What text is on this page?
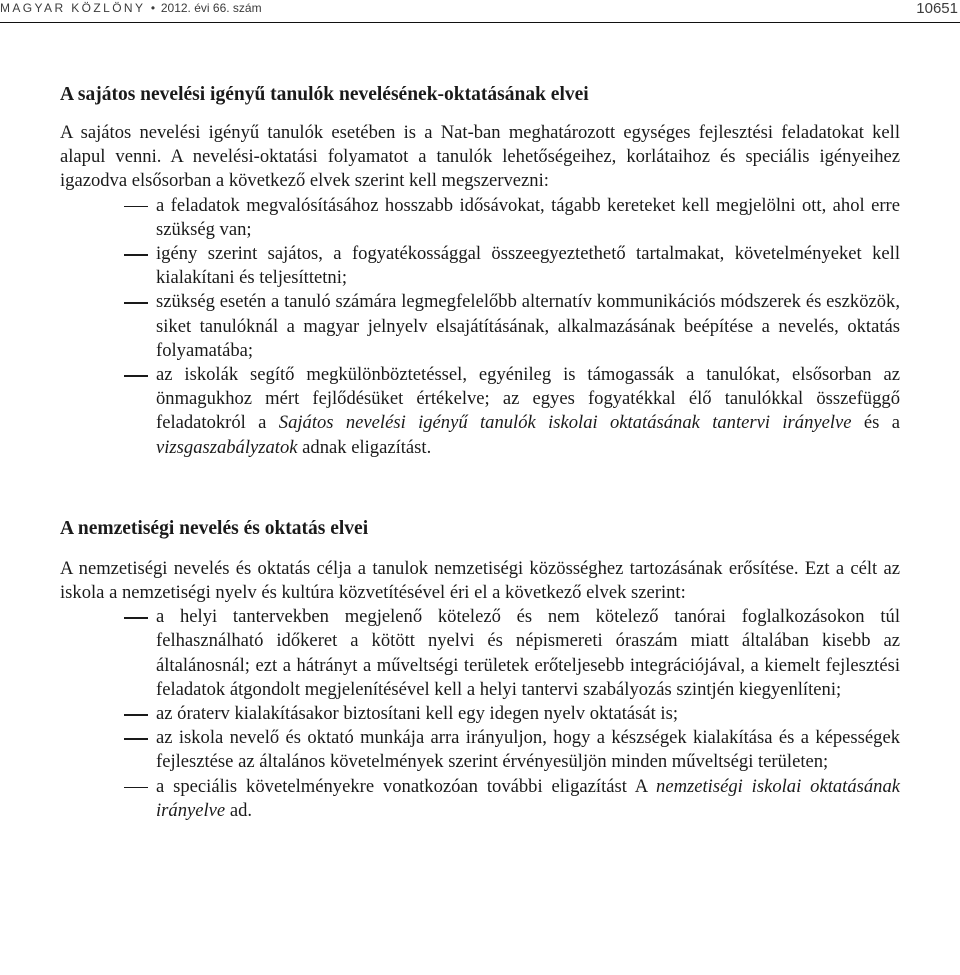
MAGYAR KÖZLÖNY • 2012. évi 66. szám	10651
A sajátos nevelési igényű tanulók nevelésének-oktatásának elvei

A sajátos nevelési igényű tanulók esetében is a Nat-ban meghatározott egységes fejlesztési feladatokat kell alapul venni. A nevelési-oktatási folyamatot a tanulók lehetőségeihez, korlátaihoz és speciális igényeihez igazodva elsősorban a következő elvek szerint kell megszervezni:

a feladatok megvalósításához hosszabb idősávokat, tágabb kereteket kell megjelölni ott, ahol erre szükség van;
igény szerint sajátos, a fogyatékossággal összeegyeztethető tartalmakat, követelményeket kell kialakítani és teljesíttetni;
szükség esetén a tanuló számára legmegfelelőbb alternatív kommunikációs módszerek és eszközök, siket tanulóknál a magyar jelnyelv elsajátításának, alkalmazásának beépítése a nevelés, oktatás folyamatába;
az iskolák segítő megkülönböztetéssel, egyénileg is támogassák a tanulókat, elsősorban az önmagukhoz mért fejlődésüket értékelve; az egyes fogyatékkal élő tanulókkal összefüggő feladatokról a Sajátos nevelési igényű tanulók iskolai oktatásának tantervi irányelve és a vizsgaszabályzatok adnak eligazítást.
A nemzetiségi nevelés és oktatás elvei

A nemzetiségi nevelés és oktatás célja a tanulok nemzetiségi közösséghez tartozásának erősítése. Ezt a célt az iskola a nemzetiségi nyelv és kultúra közvetítésével éri el a következő elvek szerint:

a helyi tantervekben megjelenő kötelező és nem kötelező tanórai foglalkozásokon túl felhasználható időkeret a kötött nyelvi és népismereti óraszám miatt általában kisebb az általánosnál; ezt a hátrányt a műveltségi területek erőteljesebb integrációjával, a kiemelt fejlesztési feladatok átgondolt megjelenítésével kell a helyi tantervi szabályozás szintjén kiegyenlíteni;
az óraterv kialakításakor biztosítani kell egy idegen nyelv oktatását is;
az iskola nevelő és oktató munkája arra irányuljon, hogy a készségek kialakítása és a képességek fejlesztése az általános követelmények szerint érvényesüljön minden műveltségi területen;
a speciális követelményekre vonatkozóan további eligazítást A nemzetiségi iskolai oktatásának irányelve ad.
